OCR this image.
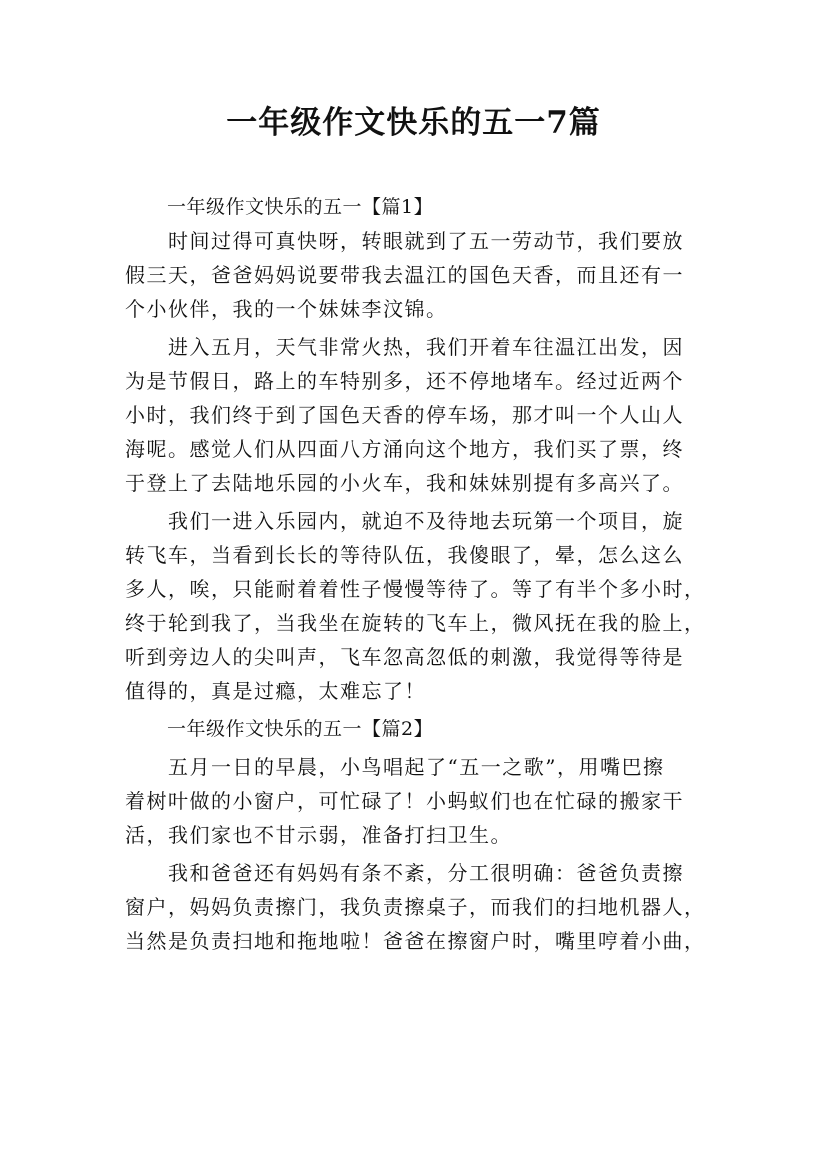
一年级作文快乐的五一7篇
一年级作文快乐的五一【篇1】
　　时间过得可真快呀，转眼就到了五一劳动节，我们要放
假三天，爸爸妈妈说要带我去温江的国色天香，而且还有一
个小伙伴，我的一个妹妹李汶锦。
　　进入五月，天气非常火热，我们开着车往温江出发，因
为是节假日，路上的车特别多，还不停地堵车。经过近两个
小时，我们终于到了国色天香的停车场，那才叫一个人山人
海呢。感觉人们从四面八方涌向这个地方，我们买了票，终
于登上了去陆地乐园的小火车，我和妹妹别提有多高兴了。
　　我们一进入乐园内，就迫不及待地去玩第一个项目，旋
转飞车，当看到长长的等待队伍，我傻眼了，晕，怎么这么
多人，唉，只能耐着着性子慢慢等待了。等了有半个多小时，
终于轮到我了，当我坐在旋转的飞车上，微风抚在我的脸上，
听到旁边人的尖叫声，飞车忽高忽低的刺激，我觉得等待是
值得的，真是过瘾，太难忘了！
一年级作文快乐的五一【篇2】
　　五月一日的早晨，小鸟唱起了“五一之歌”，用嘴巴擦
着树叶做的小窗户，可忙碌了！小蚂蚁们也在忙碌的搬家干
活，我们家也不甘示弱，准备打扫卫生。
　　我和爸爸还有妈妈有条不紊，分工很明确：爸爸负责擦
窗户，妈妈负责擦门，我负责擦桌子，而我们的扫地机器人，
当然是负责扫地和拖地啦！爸爸在擦窗户时，嘴里哼着小曲，
